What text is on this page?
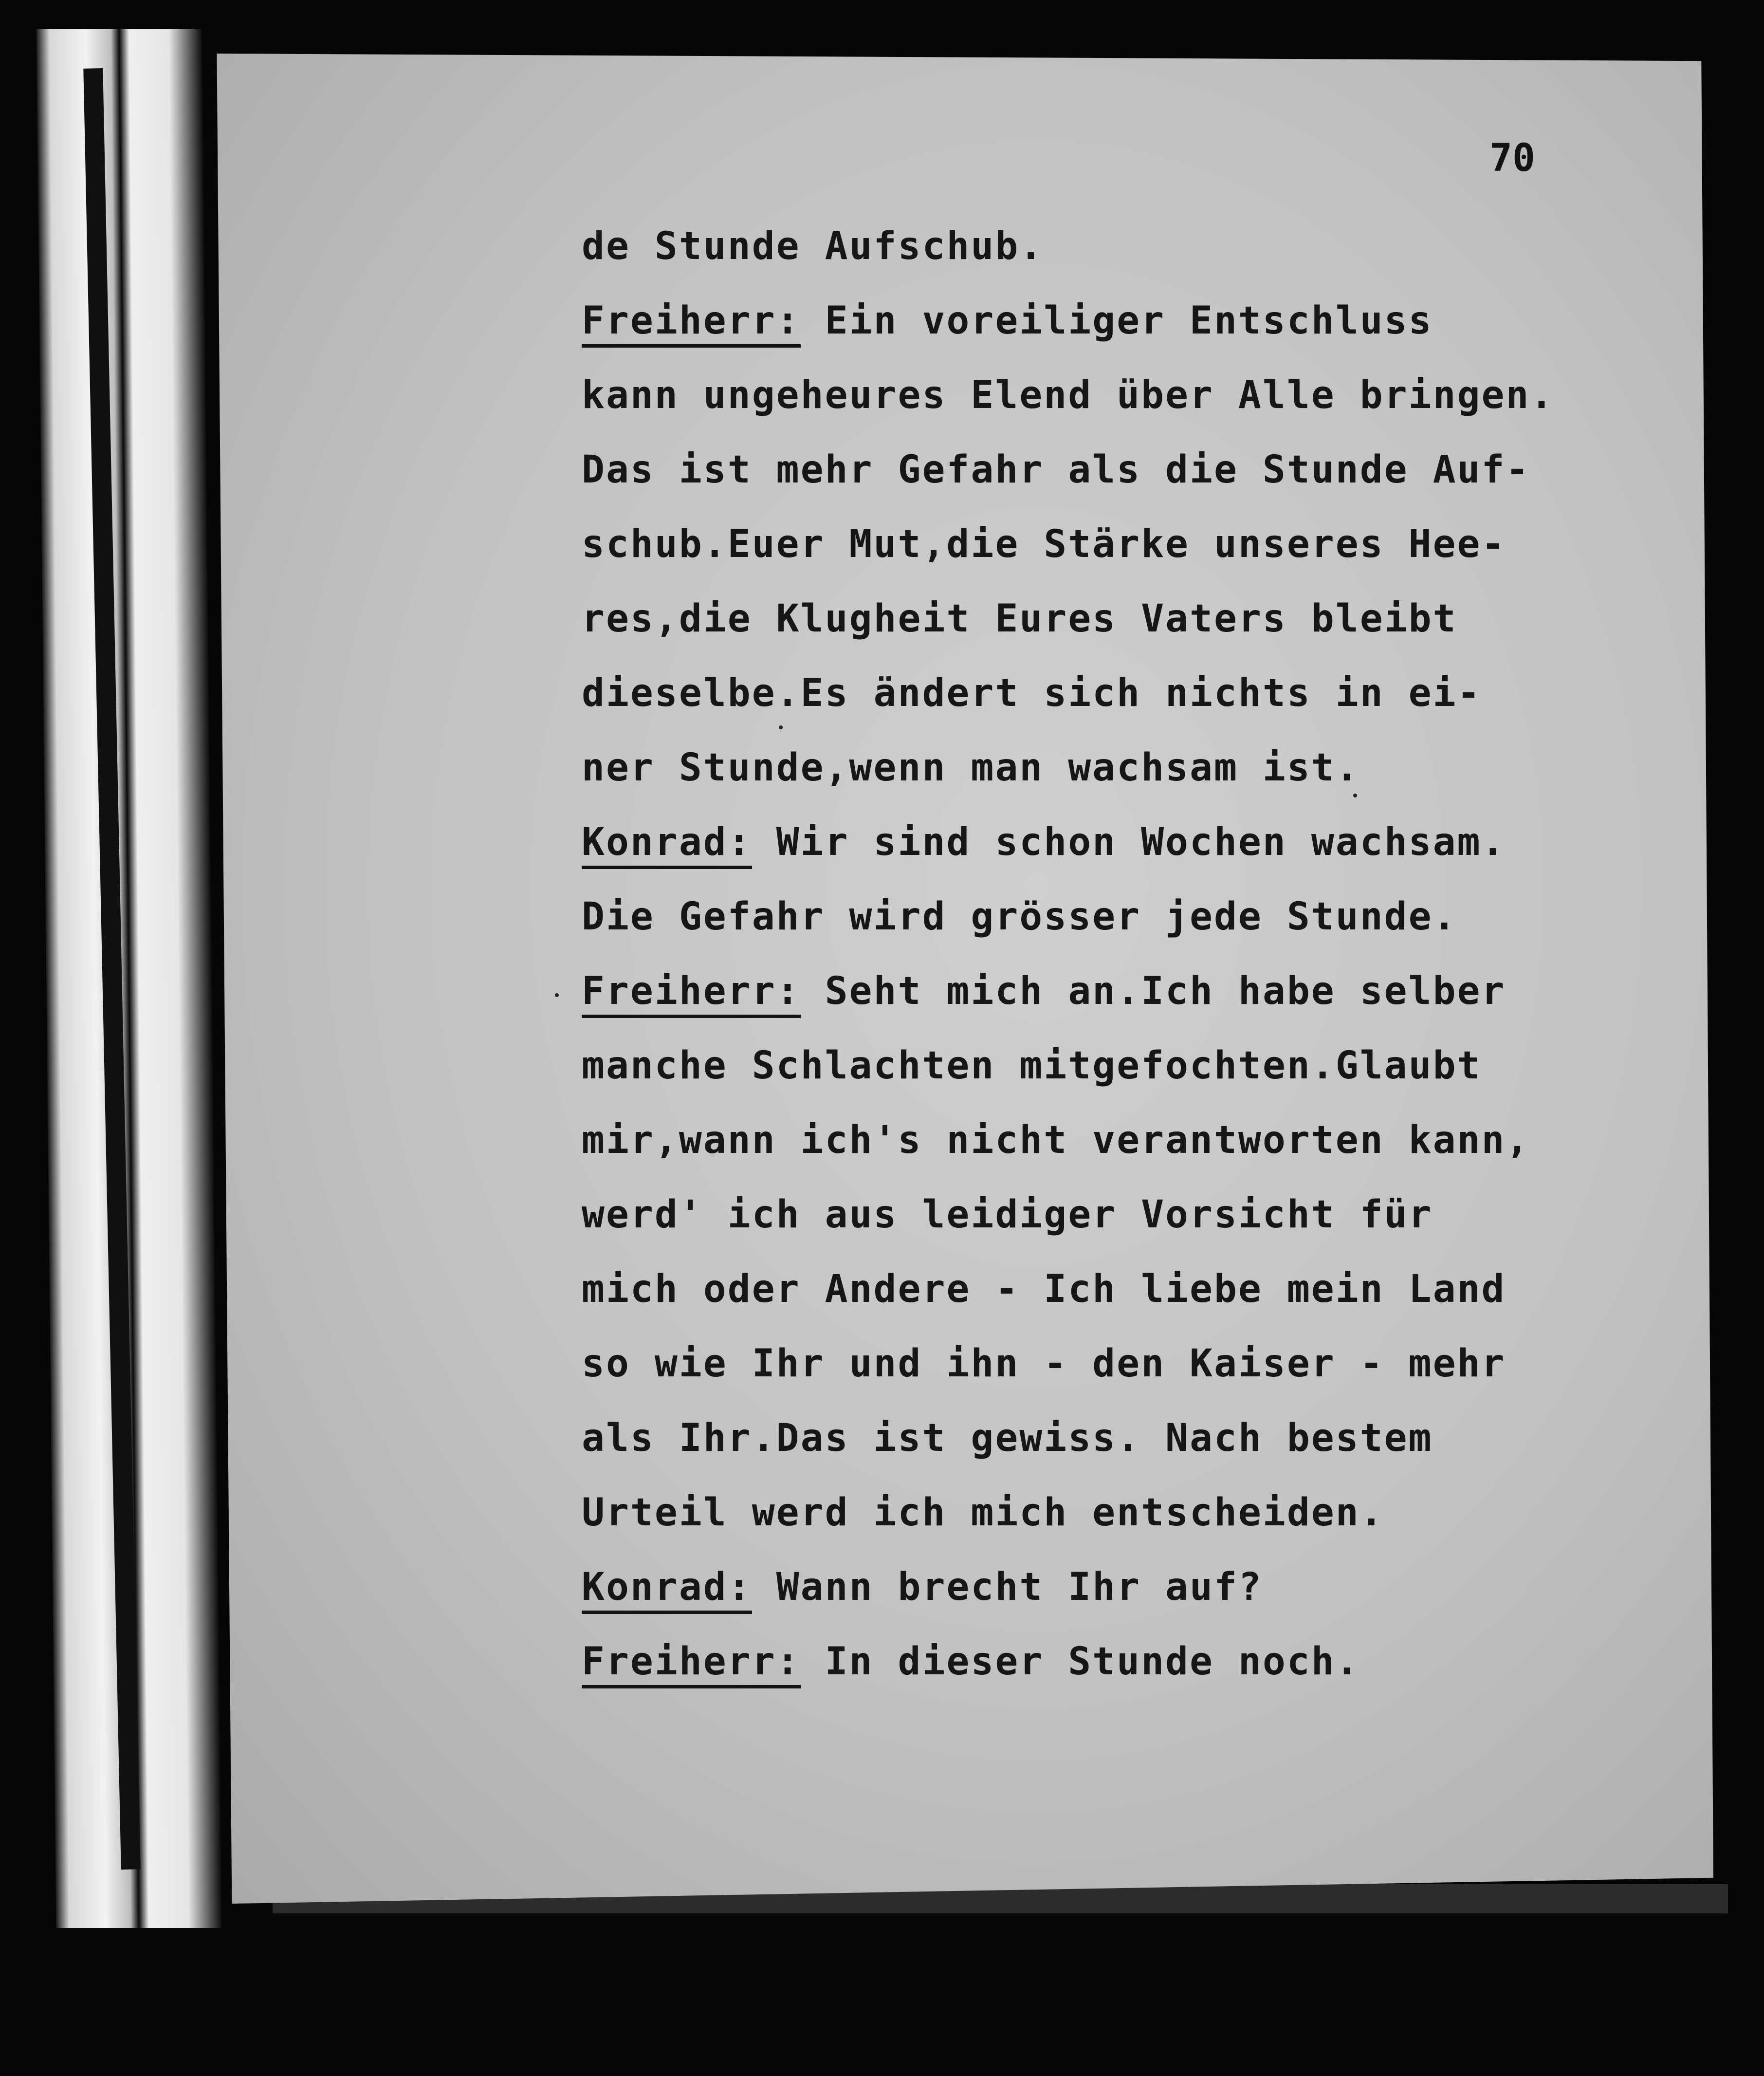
70
​
​
​
​
de Stunde Aufschub.
Freiherr: Ein voreiliger Entschluss
kann ungeheures Elend über Alle bringen.
Das ist mehr Gefahr als die Stunde Auf-
schub.Euer Mut,die Stärke unseres Hee-
res,die Klugheit Eures Vaters bleibt
dieselbe.Es ändert sich nichts in ei-
ner Stunde,wenn man wachsam ist.
Konrad: Wir sind schon Wochen wachsam.
Die Gefahr wird grösser jede Stunde.
Freiherr: Seht mich an.Ich habe selber
manche Schlachten mitgefochten.Glaubt
mir,wann ich's nicht verantworten kann,
werd' ich aus leidiger Vorsicht für
mich oder Andere - Ich liebe mein Land
so wie Ihr und ihn - den Kaiser - mehr
als Ihr.Das ist gewiss. Nach bestem
Urteil werd ich mich entscheiden.
Konrad: Wann brecht Ihr auf?
Freiherr: In dieser Stunde noch.
